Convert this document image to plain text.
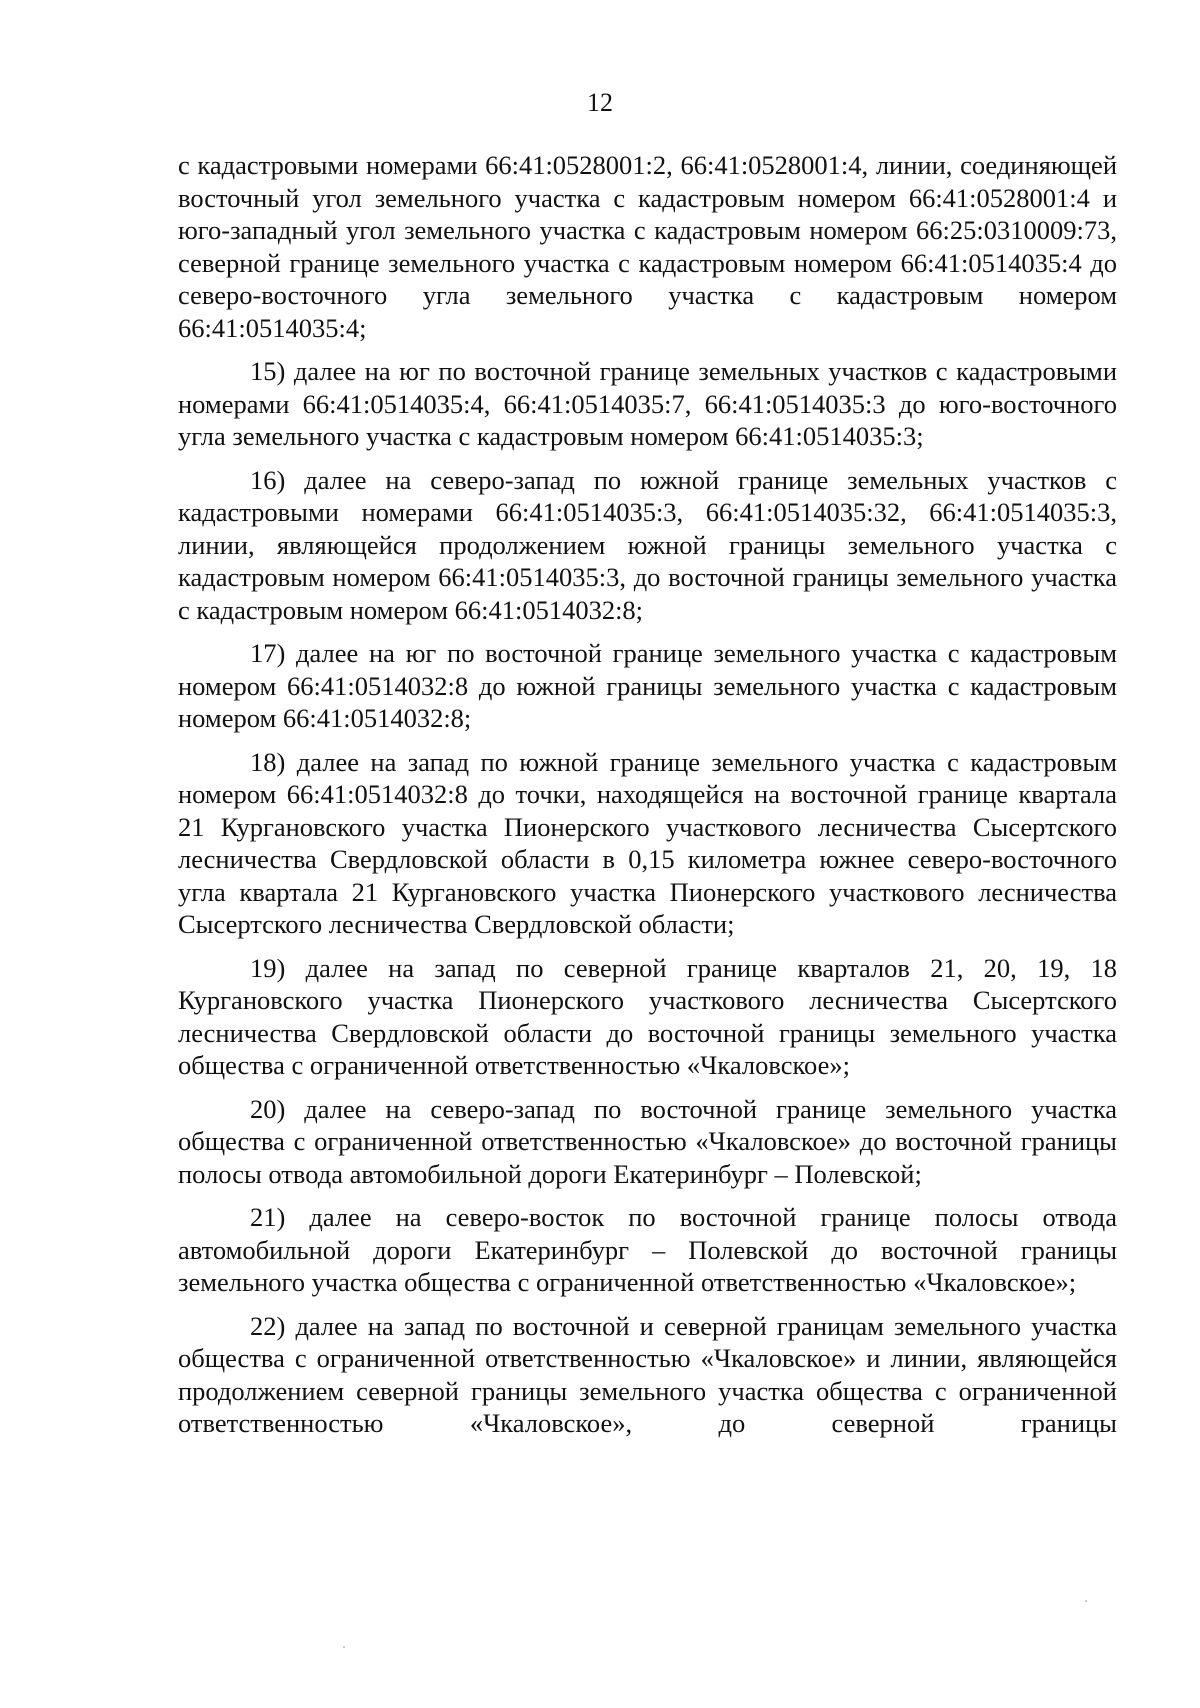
12

с кадастровыми номерами 66:41:0528001:2, 66:41:0528001:4, линии, соединяющей восточный угол земельного участка с кадастровым номером 66:41:0528001:4 и юго-западный угол земельного участка с кадастровым номером 66:25:0310009:73, северной границе земельного участка с кадастровым номером 66:41:0514035:4 до северо-восточного угла земельного участка с кадастровым номером 66:41:0514035:4;

15) далее на юг по восточной границе земельных участков с кадастровыми номерами 66:41:0514035:4, 66:41:0514035:7, 66:41:0514035:3 до юго-восточного угла земельного участка с кадастровым номером 66:41:0514035:3;

16) далее на северо-запад по южной границе земельных участков с кадастровыми номерами 66:41:0514035:3, 66:41:0514035:32, 66:41:0514035:3, линии, являющейся продолжением южной границы земельного участка с кадастровым номером 66:41:0514035:3, до восточной границы земельного участка с кадастровым номером 66:41:0514032:8;

17) далее на юг по восточной границе земельного участка с кадастровым номером 66:41:0514032:8 до южной границы земельного участка с кадастровым номером 66:41:0514032:8;

18) далее на запад по южной границе земельного участка с кадастровым номером 66:41:0514032:8 до точки, находящейся на восточной границе квартала 21 Кургановского участка Пионерского участкового лесничества Сысертского лесничества Свердловской области в 0,15 километра южнее северо-восточного угла квартала 21 Кургановского участка Пионерского участкового лесничества Сысертского лесничества Свердловской области;

19) далее на запад по северной границе кварталов 21, 20, 19, 18 Кургановского участка Пионерского участкового лесничества Сысертского лесничества Свердловской области до восточной границы земельного участка общества с ограниченной ответственностью «Чкаловское»;

20) далее на северо-запад по восточной границе земельного участка общества с ограниченной ответственностью «Чкаловское» до восточной границы полосы отвода автомобильной дороги Екатеринбург – Полевской;

21) далее на северо-восток по восточной границе полосы отвода автомобильной дороги Екатеринбург – Полевской до восточной границы земельного участка общества с ограниченной ответственностью «Чкаловское»;

22) далее на запад по восточной и северной границам земельного участка общества с ограниченной ответственностью «Чкаловское» и линии, являющейся продолжением северной границы земельного участка общества с ограниченной ответственностью «Чкаловское», до северной границы
